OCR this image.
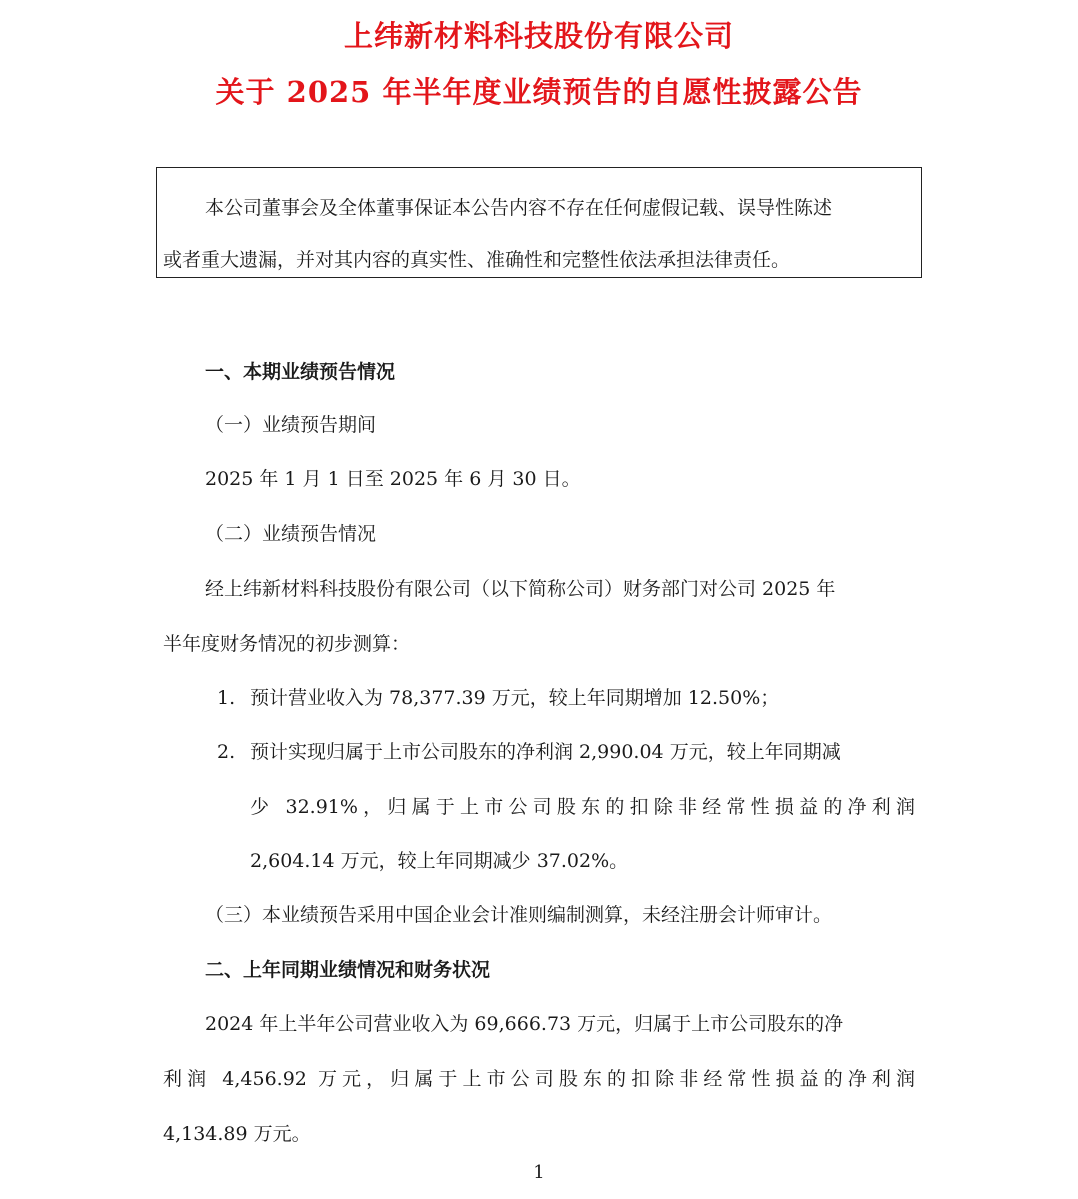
上纬新材料科技股份有限公司
关于 2025 年半年度业绩预告的自愿性披露公告
本公司董事会及全体董事保证本公告内容不存在任何虚假记载、误导性陈述
或者重大遗漏，并对其内容的真实性、准确性和完整性依法承担法律责任。
一、本期业绩预告情况
（一）业绩预告期间
2025 年 1 月 1 日至 2025 年 6 月 30 日。
（二）业绩预告情况
经上纬新材料科技股份有限公司（以下简称公司）财务部门对公司 2025 年
半年度财务情况的初步测算：
1. 预计营业收入为 78,377.39 万元，较上年同期增加 12.50%；
2. 预计实现归属于上市公司股东的净利润 2,990.04 万元，较上年同期减
少 32.91%，归属于上市公司股东的扣除非经常性损益的净利润
2,604.14 万元，较上年同期减少 37.02%。
（三）本业绩预告采用中国企业会计准则编制测算，未经注册会计师审计。
二、上年同期业绩情况和财务状况
2024 年上半年公司营业收入为 69,666.73 万元，归属于上市公司股东的净
利润 4,456.92 万元，归属于上市公司股东的扣除非经常性损益的净利润
4,134.89 万元。
1
